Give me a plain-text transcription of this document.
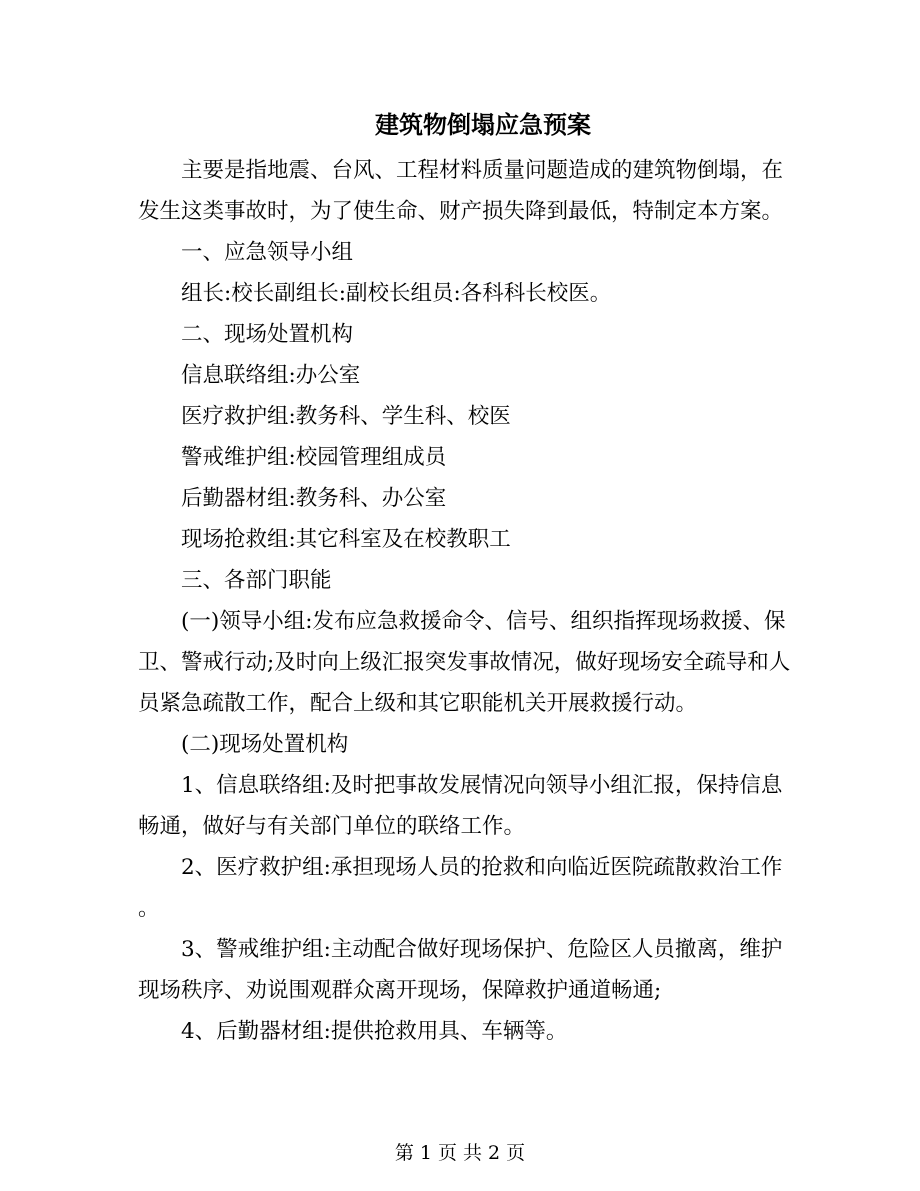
建筑物倒塌应急预案
主要是指地震、台风、工程材料质量问题造成的建筑物倒塌，在
发生这类事故时，为了使生命、财产损失降到最低，特制定本方案。
一、应急领导小组
组长:校长副组长:副校长组员:各科科长校医。
二、现场处置机构
信息联络组:办公室
医疗救护组:教务科、学生科、校医
警戒维护组:校园管理组成员
后勤器材组:教务科、办公室
现场抢救组:其它科室及在校教职工
三、各部门职能
(一)领导小组:发布应急救援命令、信号、组织指挥现场救援、保
卫、警戒行动;及时向上级汇报突发事故情况，做好现场安全疏导和人
员紧急疏散工作，配合上级和其它职能机关开展救援行动。
(二)现场处置机构
1、信息联络组:及时把事故发展情况向领导小组汇报，保持信息
畅通，做好与有关部门单位的联络工作。
2、医疗救护组:承担现场人员的抢救和向临近医院疏散救治工作
。
3、警戒维护组:主动配合做好现场保护、危险区人员撤离，维护
现场秩序、劝说围观群众离开现场，保障救护通道畅通;
4、后勤器材组:提供抢救用具、车辆等。
第 1 页 共 2 页
